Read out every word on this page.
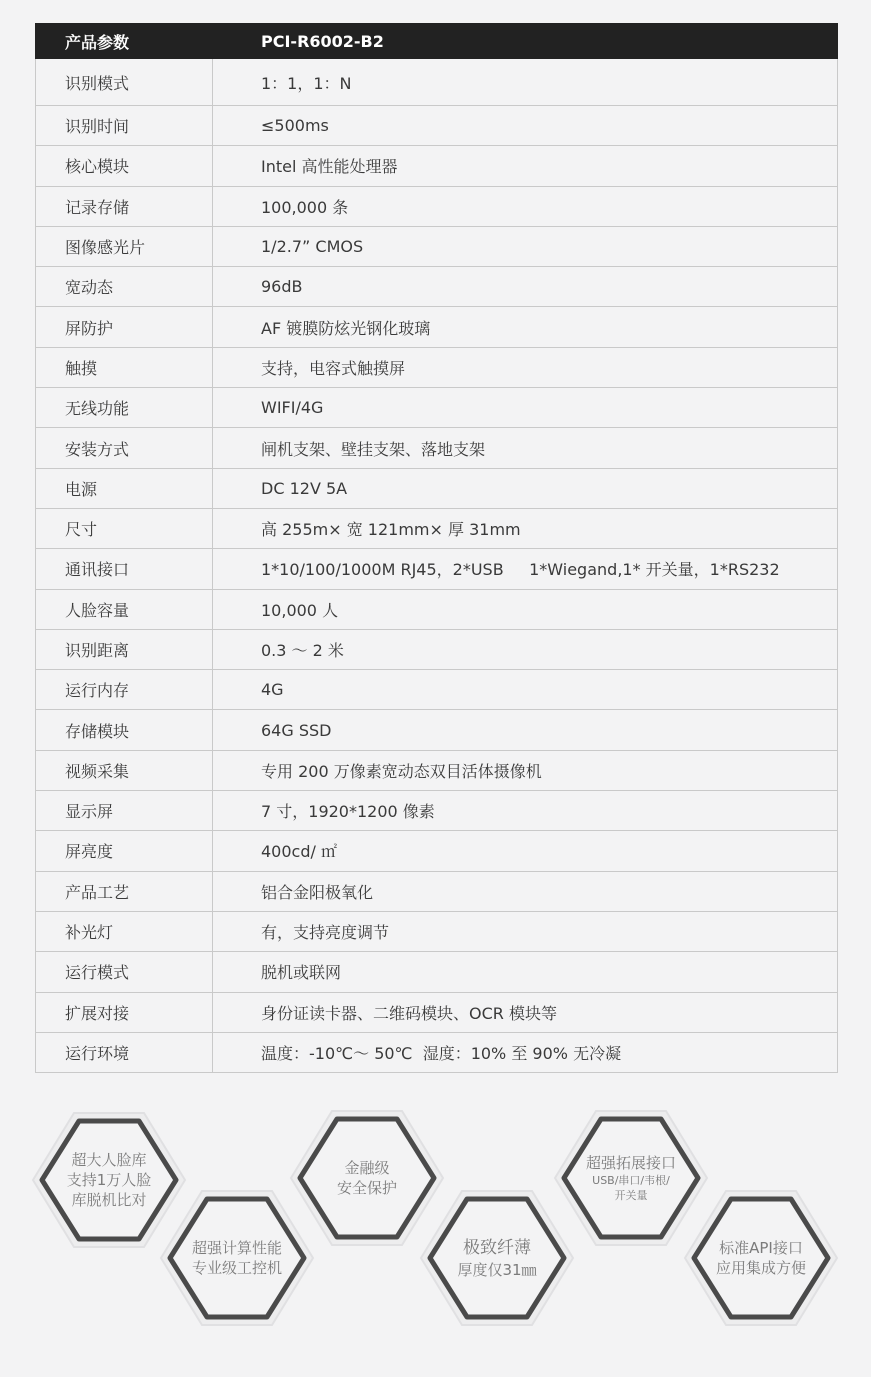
产品参数	PCI-R6002-B2
识别模式	1：1，1：N
识别时间	≤500ms
核心模块	Intel 高性能处理器
记录存储	100,000 条
图像感光片	1/2.7” CMOS
宽动态	96dB
屏防护	AF 镀膜防炫光钢化玻璃
触摸	支持，电容式触摸屏
无线功能	WIFI/4G
安装方式	闸机支架、壁挂支架、落地支架
电源	DC 12V 5A
尺寸	高 255m× 宽 121mm× 厚 31mm
通讯接口	1*10/100/1000M RJ45，2*USB     1*Wiegand,1* 开关量，1*RS232
人脸容量	10,000 人
识别距离	0.3 ～ 2 米
运行内存	4G
存储模块	64G SSD
视频采集	专用 200 万像素宽动态双目活体摄像机
显示屏	7 寸，1920*1200 像素
屏亮度	400cd/ ㎡
产品工艺	铝合金阳极氧化
补光灯	有，支持亮度调节
运行模式	脱机或联网
扩展对接	身份证读卡器、二维码模块、OCR 模块等
运行环境	温度：-10℃～ 50℃  湿度：10% 至 90% 无冷凝
超大人脸库
支持1万人脸
库脱机比对
超强计算性能
专业级工控机
金融级
安全保护
极致纤薄
厚度仅31㎜
超强拓展接口
USB/串口/韦根/
开关量
标准API接口
应用集成方便
